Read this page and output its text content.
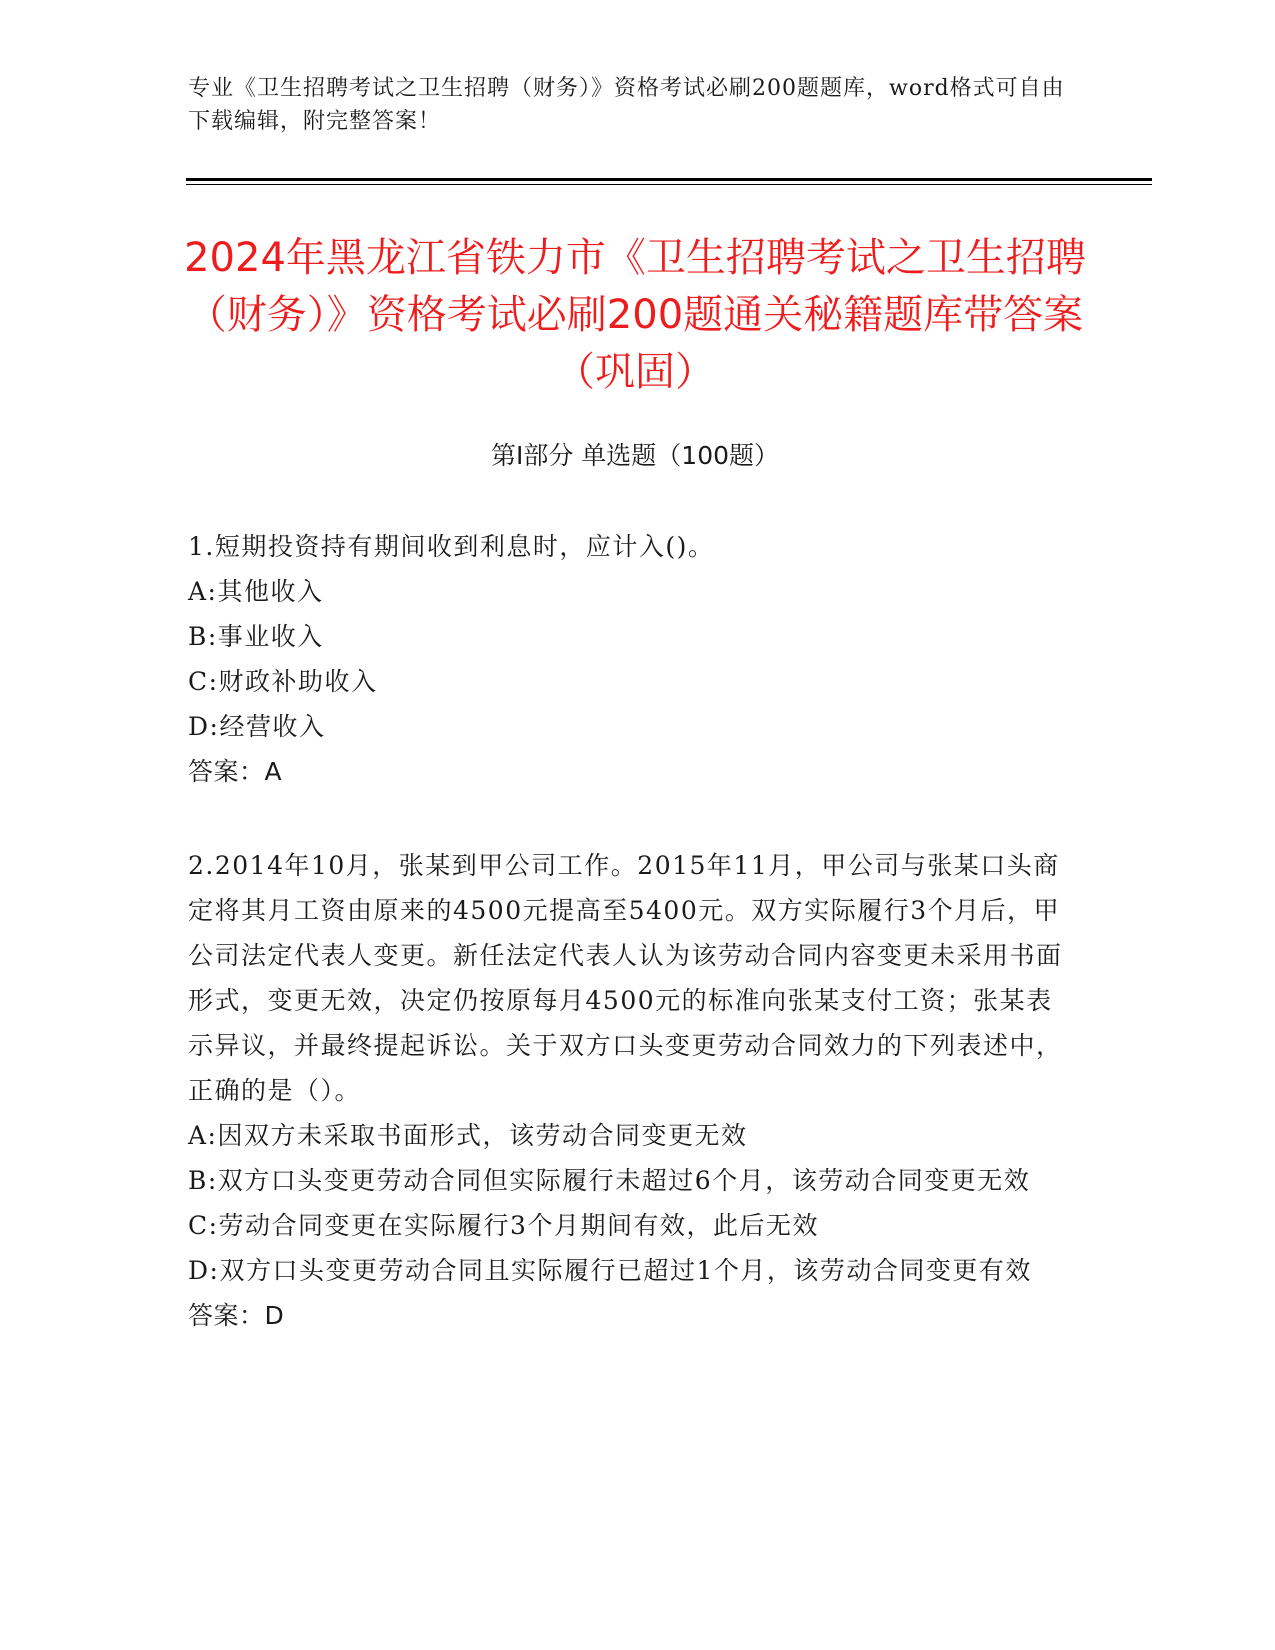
专业《卫生招聘考试之卫生招聘（财务）》资格考试必刷200题题库，word格式可自由下载编辑，附完整答案！
2024年黑龙江省铁力市《卫生招聘考试之卫生招聘（财务）》资格考试必刷200题通关秘籍题库带答案（巩固）
第Ⅰ部分 单选题（100题）
1.短期投资持有期间收到利息时，应计入()。
A:其他收入
B:事业收入
C:财政补助收入
D:经营收入
答案：A
2.2014年10月，张某到甲公司工作。2015年11月，甲公司与张某口头商定将其月工资由原来的4500元提高至5400元。双方实际履行3个月后，甲公司法定代表人变更。新任法定代表人认为该劳动合同内容变更未采用书面形式，变更无效，决定仍按原每月4500元的标准向张某支付工资；张某表示异议，并最终提起诉讼。关于双方口头变更劳动合同效力的下列表述中，正确的是（）。
A:因双方未采取书面形式，该劳动合同变更无效
B:双方口头变更劳动合同但实际履行未超过6个月，该劳动合同变更无效
C:劳动合同变更在实际履行3个月期间有效，此后无效
D:双方口头变更劳动合同且实际履行已超过1个月，该劳动合同变更有效
答案：D
